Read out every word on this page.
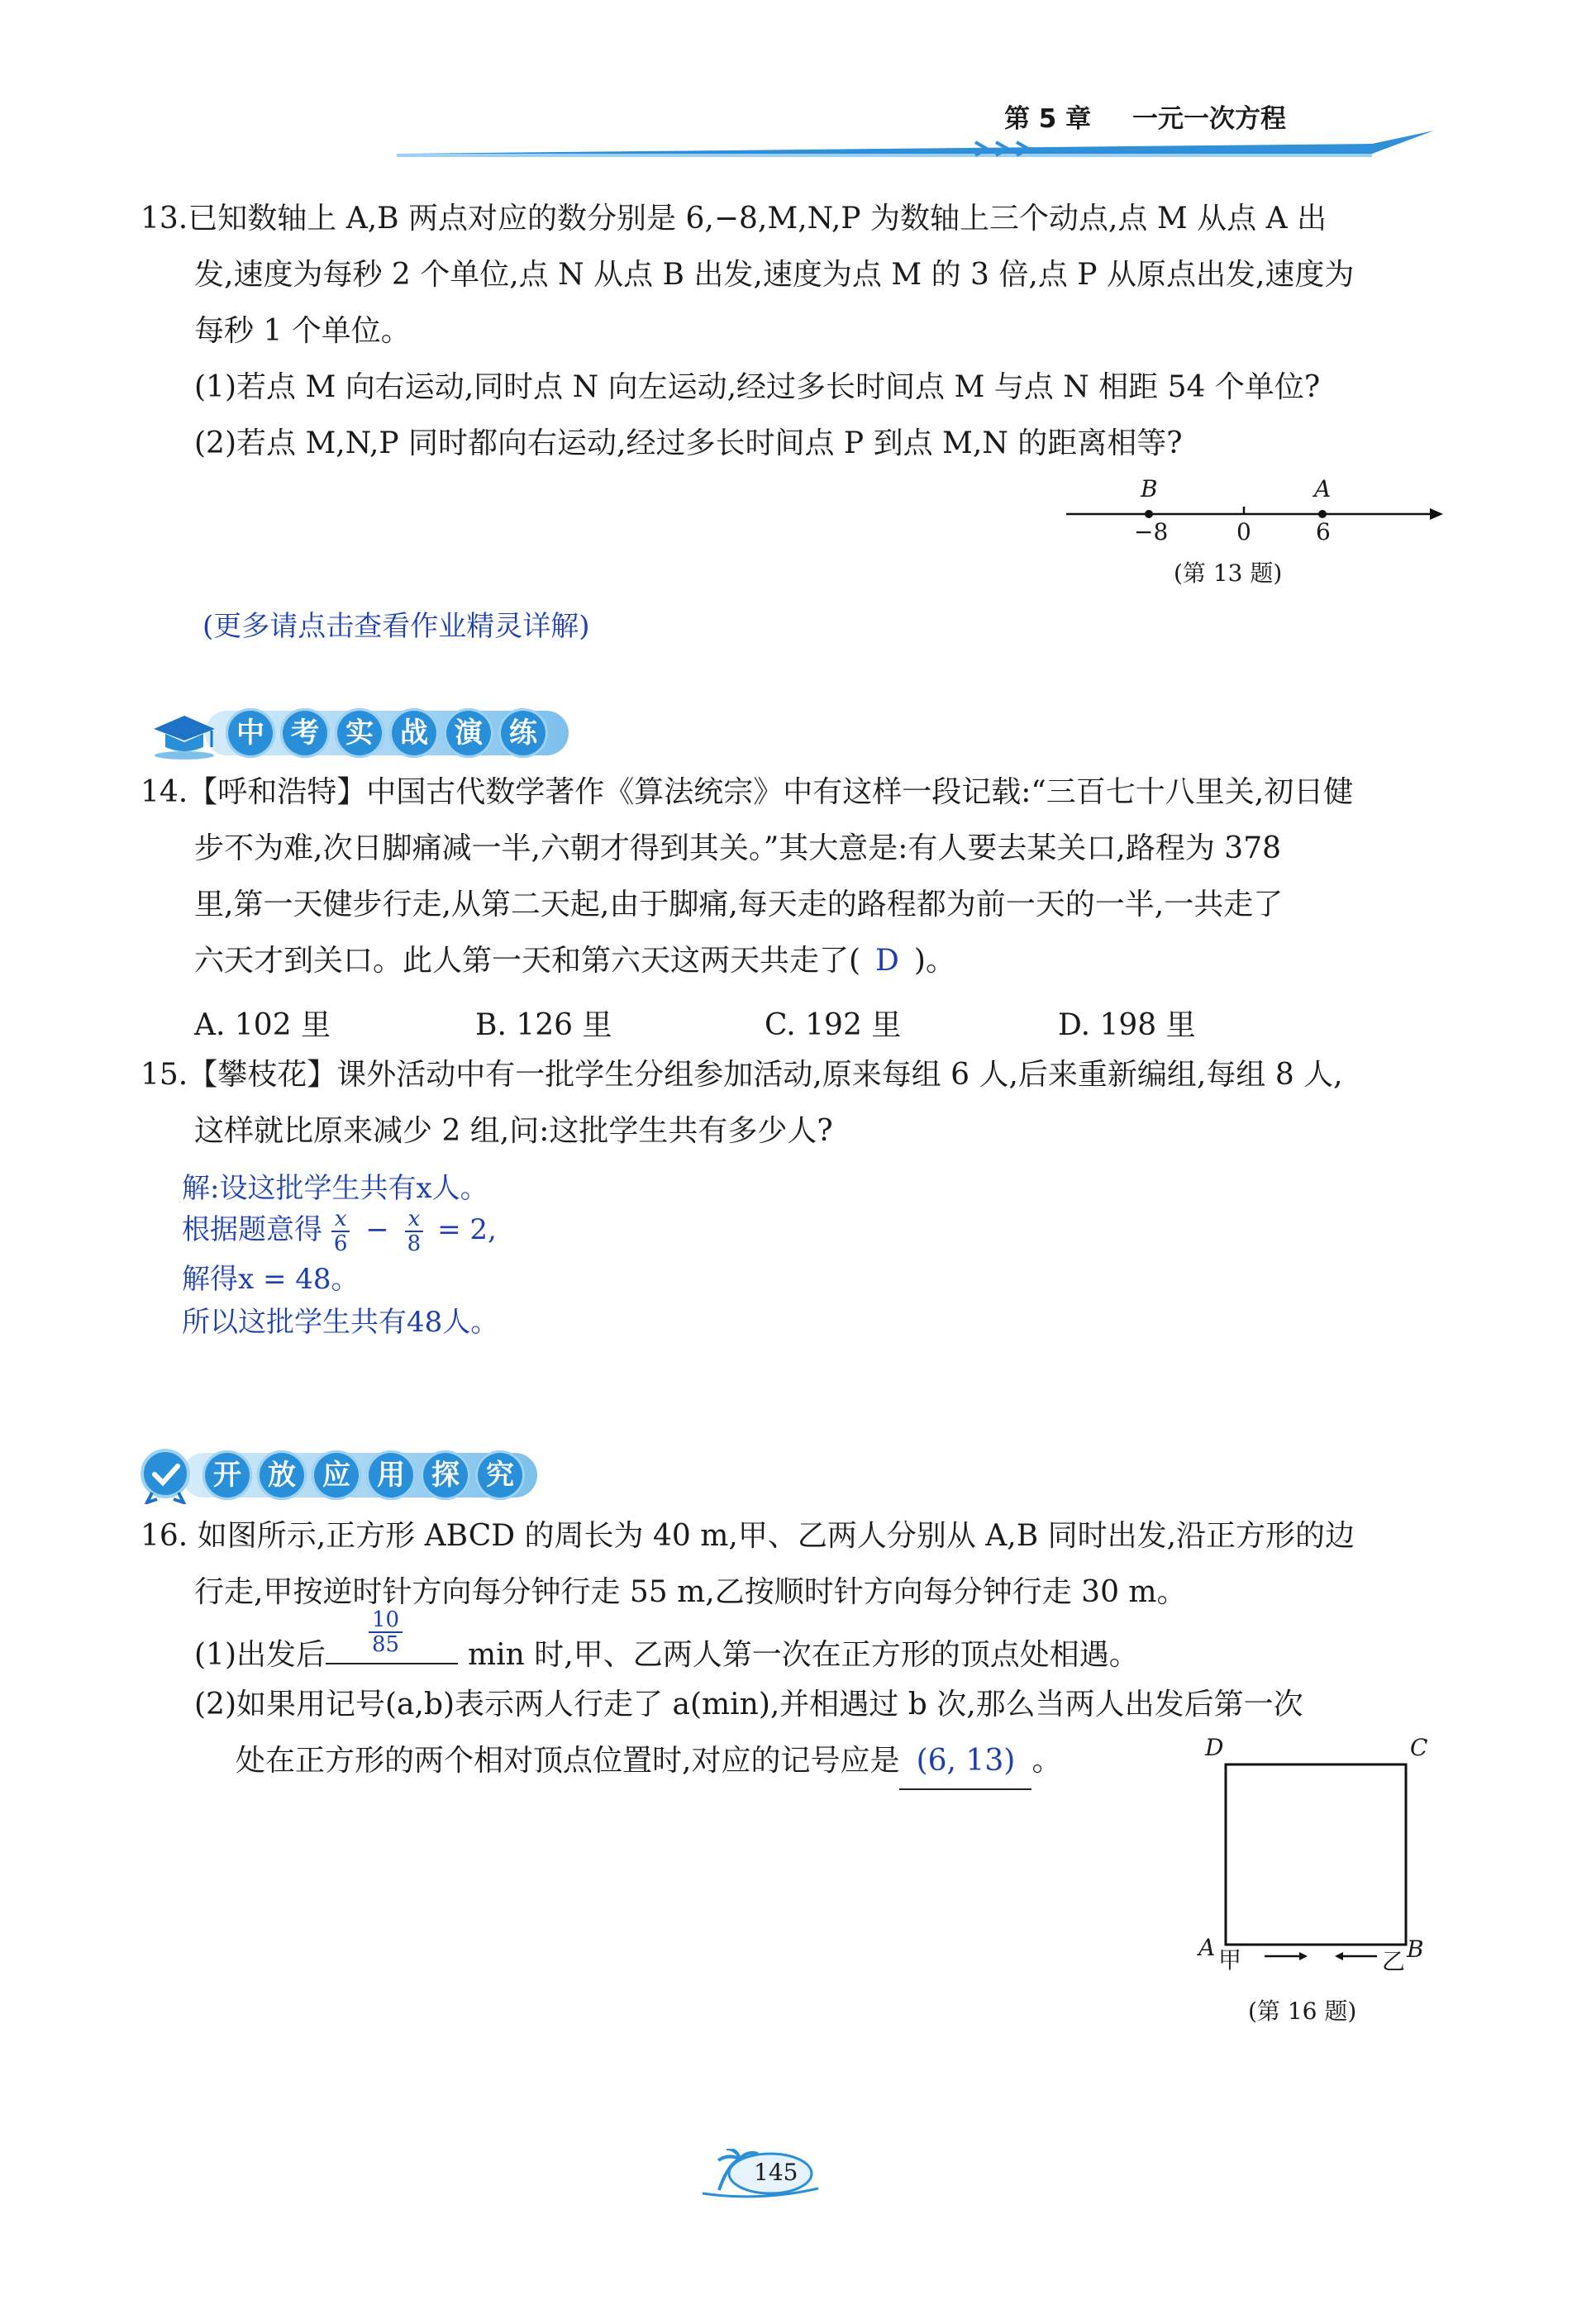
第 5 章 一元一次方程
13.已知数轴上 A,B 两点对应的数分别是 6,−8,M,N,P 为数轴上三个动点,点 M 从点 A 出
发,速度为每秒 2 个单位,点 N 从点 B 出发,速度为点 M 的 3 倍,点 P 从原点出发,速度为
每秒 1 个单位。
(1)若点 M 向右运动,同时点 N 向左运动,经过多长时间点 M 与点 N 相距 54 个单位?
(2)若点 M,N,P 同时都向右运动,经过多长时间点 P 到点 M,N 的距离相等?
B	A
−8	0	6
(第 13 题)
(更多请点击查看作业精灵详解)
中 考 实 战 演 练
14.【呼和浩特】中国古代数学著作《算法统宗》中有这样一段记载:“三百七十八里关,初日健
步不为难,次日脚痛减一半,六朝才得到其关。”其大意是:有人要去某关口,路程为 378
里,第一天健步行走,从第二天起,由于脚痛,每天走的路程都为前一天的一半,一共走了
六天才到关口。此人第一天和第六天这两天共走了( D )。
A. 102 里	B. 126 里	C. 192 里	D. 198 里
15.【攀枝花】课外活动中有一批学生分组参加活动,原来每组 6 人,后来重新编组,每组 8 人,
这样就比原来减少 2 组,问:这批学生共有多少人?
解:设这批学生共有x人。
根据题意得 $\frac{x}{6} - \frac{x}{8} = 2$,
解得x = 48。
所以这批学生共有48人。
开 放 应 用 探 究
16. 如图所示,正方形 ABCD 的周长为 40 m,甲、乙两人分别从 A,B 同时出发,沿正方形的边
行走,甲按逆时针方向每分钟行走 55 m,乙按顺时针方向每分钟行走 30 m。
(1)出发后 $\frac{10}{85}$ min 时,甲、乙两人第一次在正方形的顶点处相遇。
(2)如果用记号(a,b)表示两人行走了 a(min),并相遇过 b 次,那么当两人出发后第一次
处在正方形的两个相对顶点位置时,对应的记号应是 (6, 13) 。	D	C
A 甲	乙 B
(第 16 题)
145
